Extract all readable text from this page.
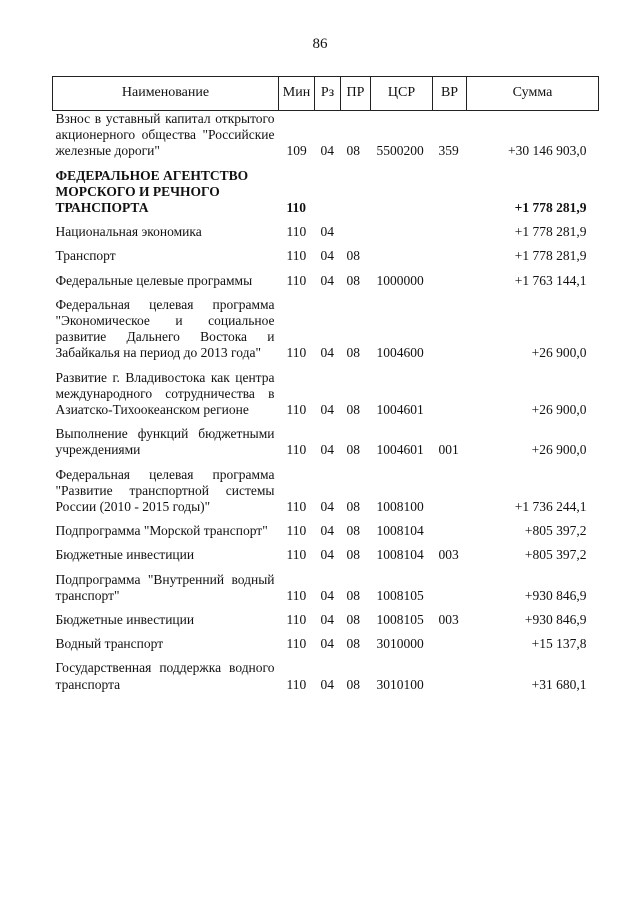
86
Наименование	Мин	Рз	ПР	ЦСР	ВР	Сумма
Взнос в уставный капитал открытого акционерного общества "Российские железные дороги"	109	04	08	5500200	359	+30 146 903,0
ФЕДЕРАЛЬНОЕ АГЕНТСТВО МОРСКОГО И РЕЧНОГО ТРАНСПОРТА	110					+1 778 281,9
Национальная экономика	110	04				+1 778 281,9
Транспорт	110	04	08			+1 778 281,9
Федеральные целевые программы	110	04	08	1000000		+1 763 144,1
Федеральная целевая программа "Экономическое и социальное развитие Дальнего Востока и Забайкалья на период до 2013 года"	110	04	08	1004600		+26 900,0
Развитие г. Владивостока как центра международного сотрудничества в Азиатско-Тихоокеанском регионе	110	04	08	1004601		+26 900,0
Выполнение функций бюджетными учреждениями	110	04	08	1004601	001	+26 900,0
Федеральная целевая программа "Развитие транспортной системы России (2010 - 2015 годы)"	110	04	08	1008100		+1 736 244,1
Подпрограмма "Морской транспорт"	110	04	08	1008104		+805 397,2
Бюджетные инвестиции	110	04	08	1008104	003	+805 397,2
Подпрограмма "Внутренний водный транспорт"	110	04	08	1008105		+930 846,9
Бюджетные инвестиции	110	04	08	1008105	003	+930 846,9
Водный транспорт	110	04	08	3010000		+15 137,8
Государственная поддержка водного транспорта	110	04	08	3010100		+31 680,1
